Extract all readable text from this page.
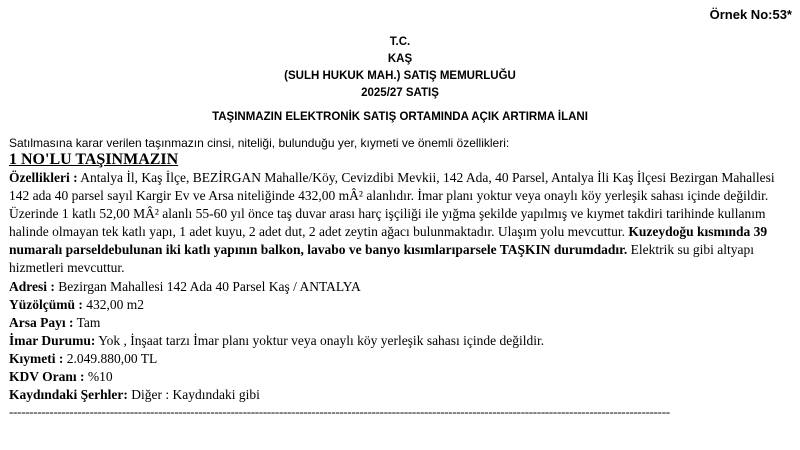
Örnek No:53*
T.C.
KAŞ
(SULH HUKUK MAH.) SATIŞ MEMURLUĞU
2025/27 SATIŞ
TAŞINMAZIN ELEKTRONİK SATIŞ ORTAMINDA AÇIK ARTIRMA İLANI
Satılmasına karar verilen taşınmazın cinsi, niteliği, bulunduğu yer, kıymeti ve önemli özellikleri:
1 NO'LU TAŞINMAZIN
Özellikleri : Antalya İl, Kaş İlçe, BEZİRGAN Mahalle/Köy, Cevizdibi Mevkii, 142 Ada, 40 Parsel, Antalya İli Kaş İlçesi Bezirgan Mahallesi 142 ada 40 parsel sayıl Kargir Ev ve Arsa niteliğinde 432,00 mÂ² alanlıdır. İmar planı yoktur veya onaylı köy yerleşik sahası içinde değildir. Üzerinde 1 katlı 52,00 MÂ² alanlı 55-60 yıl önce taş duvar arası harç işçiliği ile yığma şekilde yapılmış ve kıymet takdiri tarihinde kullanım halinde olmayan tek katlı yapı, 1 adet kuyu, 2 adet dut, 2 adet zeytin ağacı bulunmaktadır. Ulaşım yolu mevcuttur. Kuzeydoğu kısmında 39 numaralı parseldebulunan iki katlı yapının balkon, lavabo ve banyo kısımlarıparsele TAŞKIN durumdadır. Elektrik su gibi altyapı hizmetleri mevcuttur.
Adresi : Bezirgan Mahallesi 142 Ada 40 Parsel Kaş / ANTALYA
Yüzölçümü : 432,00 m2
Arsa Payı : Tam
İmar Durumu: Yok , İnşaat tarzı İmar planı yoktur veya onaylı köy yerleşik sahası içinde değildir.
Kıymeti : 2.049.880,00 TL
KDV Oranı : %10
Kaydındaki Şerhler: Diğer : Kaydındaki gibi
--------------------------------------------------------------------------------------------------------------------------------------------------------------------
